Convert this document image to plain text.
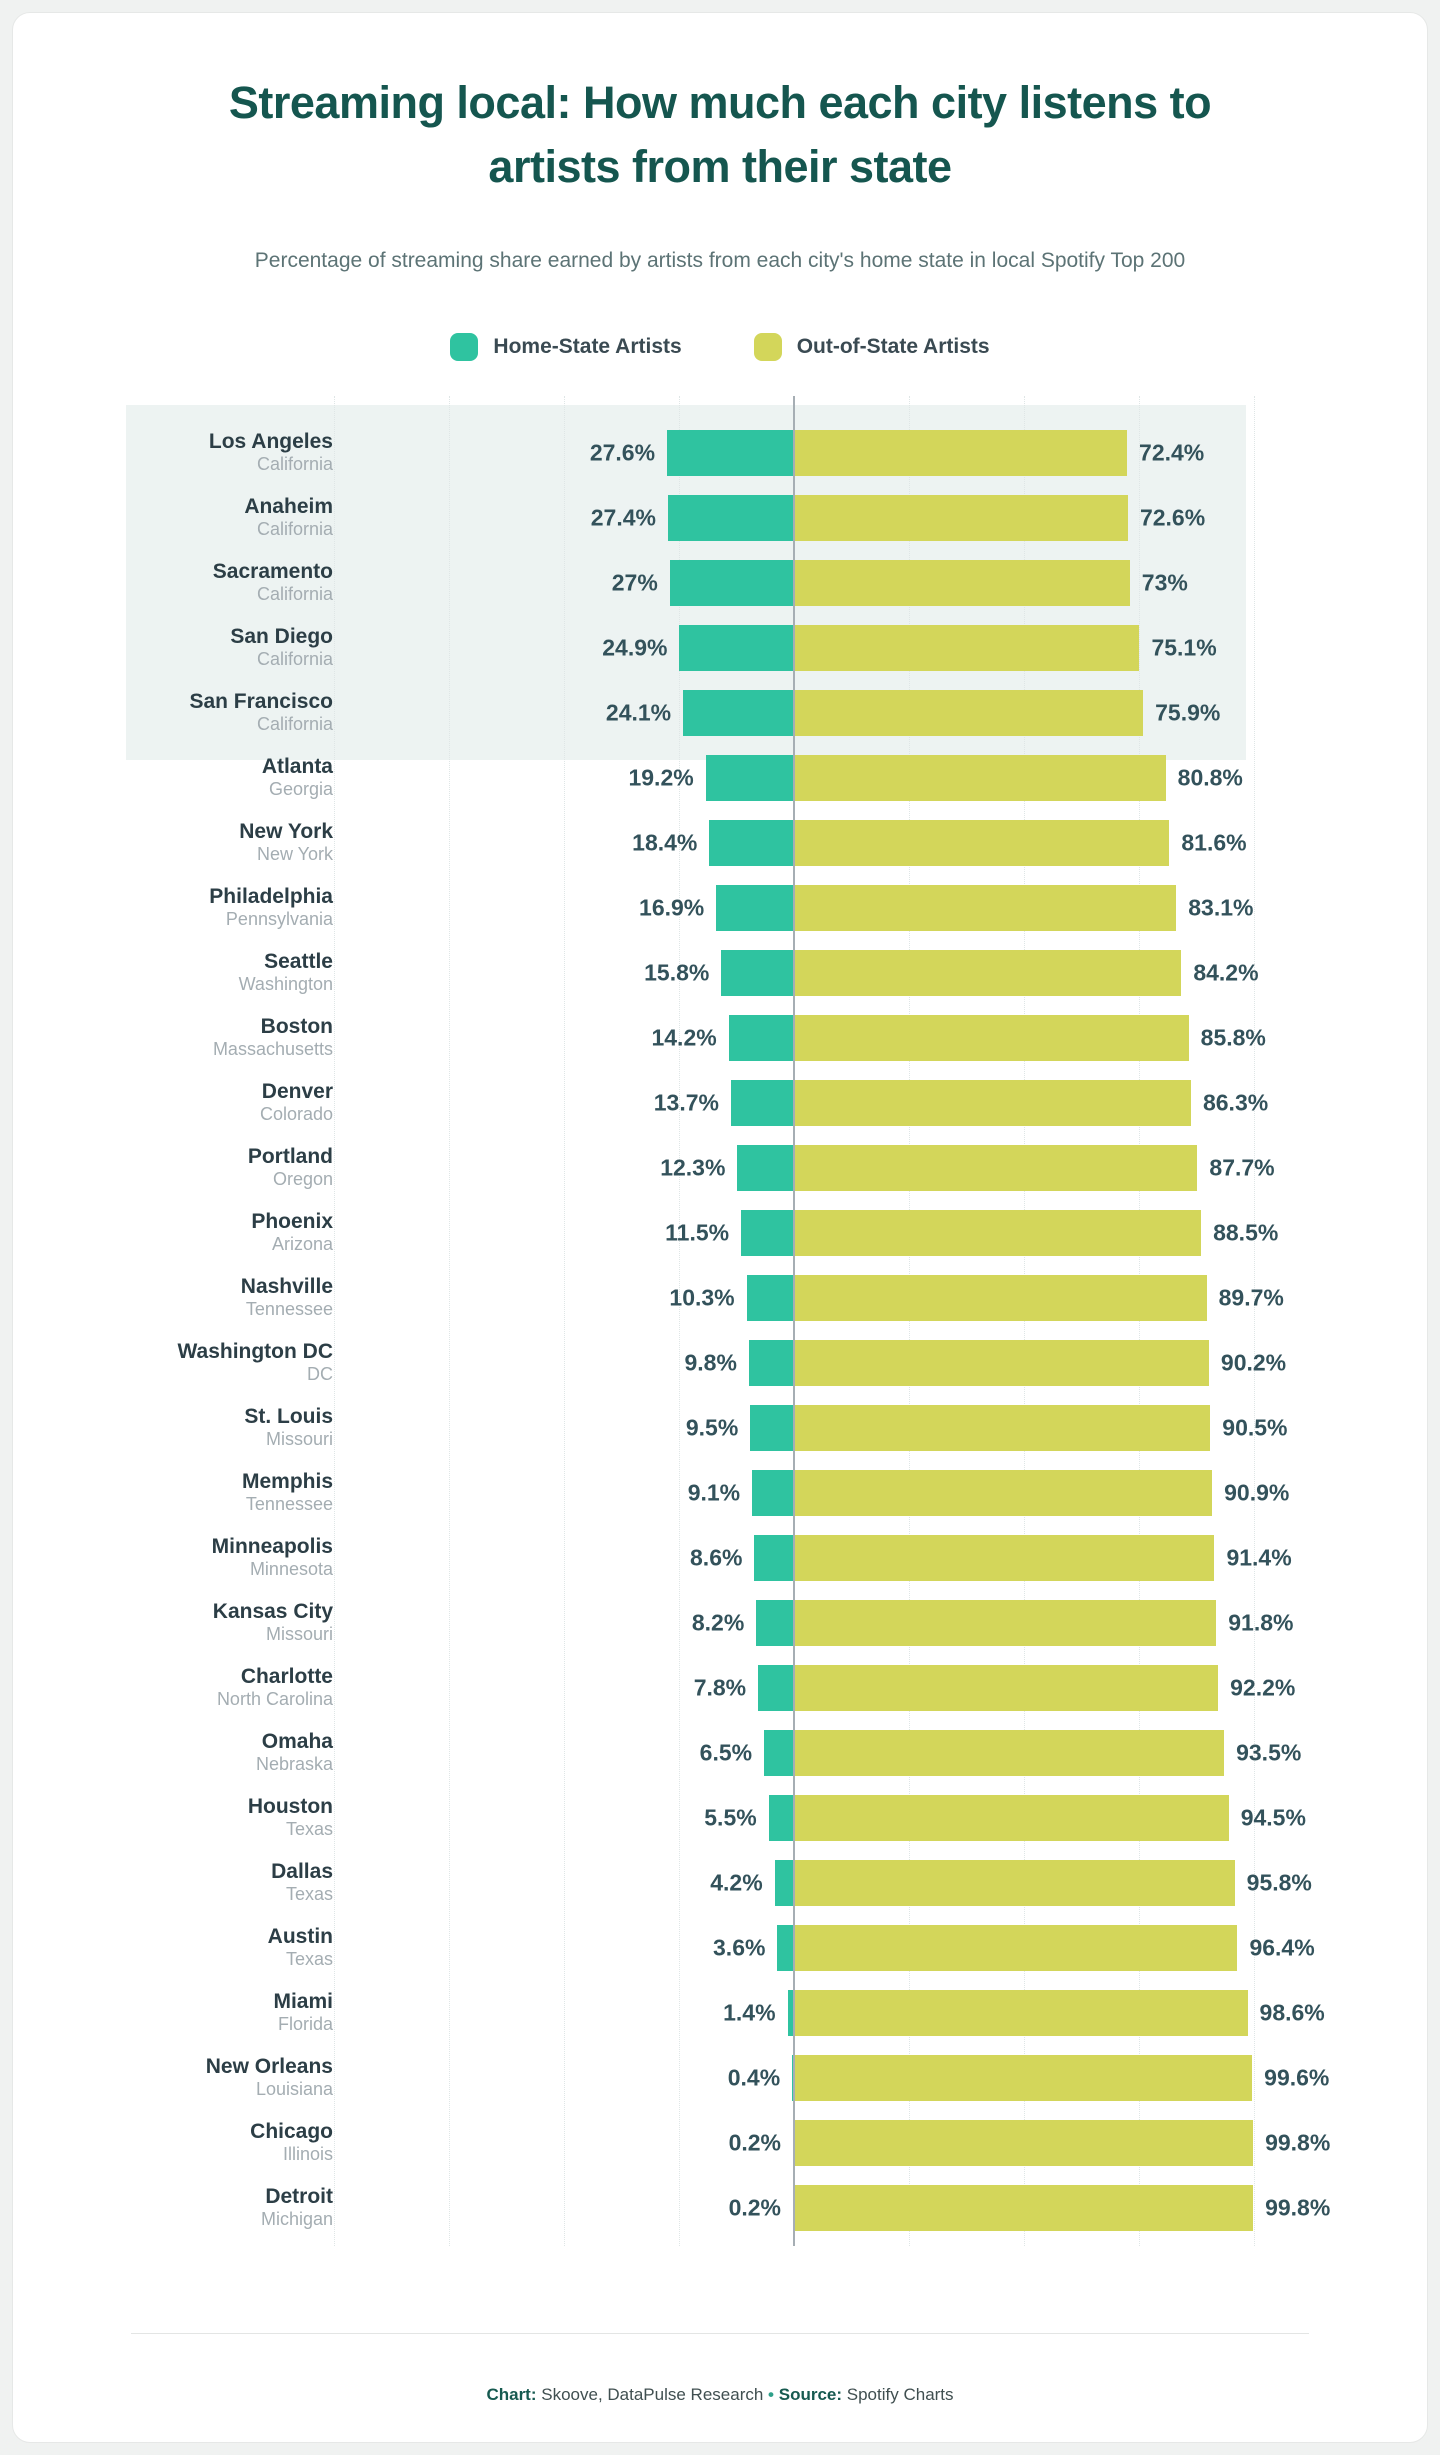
Streaming local: How much each city listens to
artists from their state

Percentage of streaming share earned by artists from each city's home state in local Spotify Top 200

Home-State Artists	Out-of-State Artists
Los Angeles
California	27.6%	72.4%
Anaheim
California	27.4%	72.6%
Sacramento
California	27%	73%
San Diego
California	24.9%	75.1%
San Francisco
California	24.1%	75.9%
Atlanta
Georgia	19.2%	80.8%
New York
New York	18.4%	81.6%
Philadelphia
Pennsylvania	16.9%	83.1%
Seattle
Washington	15.8%	84.2%
Boston
Massachusetts	14.2%	85.8%
Denver
Colorado	13.7%	86.3%
Portland
Oregon	12.3%	87.7%
Phoenix
Arizona	11.5%	88.5%
Nashville
Tennessee	10.3%	89.7%
Washington DC
DC	9.8%	90.2%
St. Louis
Missouri	9.5%	90.5%
Memphis
Tennessee	9.1%	90.9%
Minneapolis
Minnesota	8.6%	91.4%
Kansas City
Missouri	8.2%	91.8%
Charlotte
North Carolina	7.8%	92.2%
Omaha
Nebraska	6.5%	93.5%
Houston
Texas	5.5%	94.5%
Dallas
Texas	4.2%	95.8%
Austin
Texas	3.6%	96.4%
Miami
Florida	1.4%	98.6%
New Orleans
Louisiana	0.4%	99.6%
Chicago
Illinois	0.2%	99.8%
Detroit
Michigan	0.2%	99.8%

Chart: Skoove, DataPulse Research • Source: Spotify Charts
